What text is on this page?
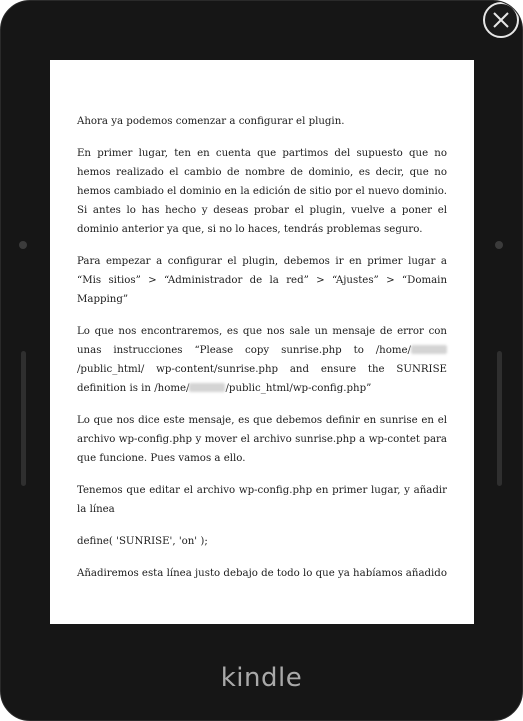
Ahora ya podemos comenzar a configurar el plugin.

En primer lugar, ten en cuenta que partimos del supuesto que no hemos realizado el cambio de nombre de dominio, es decir, que no hemos cambiado el dominio en la edición de sitio por el nuevo dominio. Si antes lo has hecho y deseas probar el plugin, vuelve a poner el dominio anterior ya que, si no lo haces, tendrás problemas seguro.

Para empezar a configurar el plugin, debemos ir en primer lugar a “Mis sitios” > “Administrador de la red” > “Ajustes” > “Domain Mapping”

Lo que nos encontraremos, es que nos sale un mensaje de error con unas instrucciones “Please copy sunrise.php to /home//public_html/ wp-content/sunrise.php and ensure the SUNRISE definition is in /home/	/public_html/wp-config.php”

Lo que nos dice este mensaje, es que debemos definir en sunrise en el archivo wp-config.php y mover el archivo sunrise.php a wp-contet para que funcione. Pues vamos a ello.

Tenemos que editar el archivo wp-config.php en primer lugar, y añadir la línea

define( 'SUNRISE', 'on' );

Añadiremos esta línea justo debajo de todo lo que ya habíamos añadido

kindle
